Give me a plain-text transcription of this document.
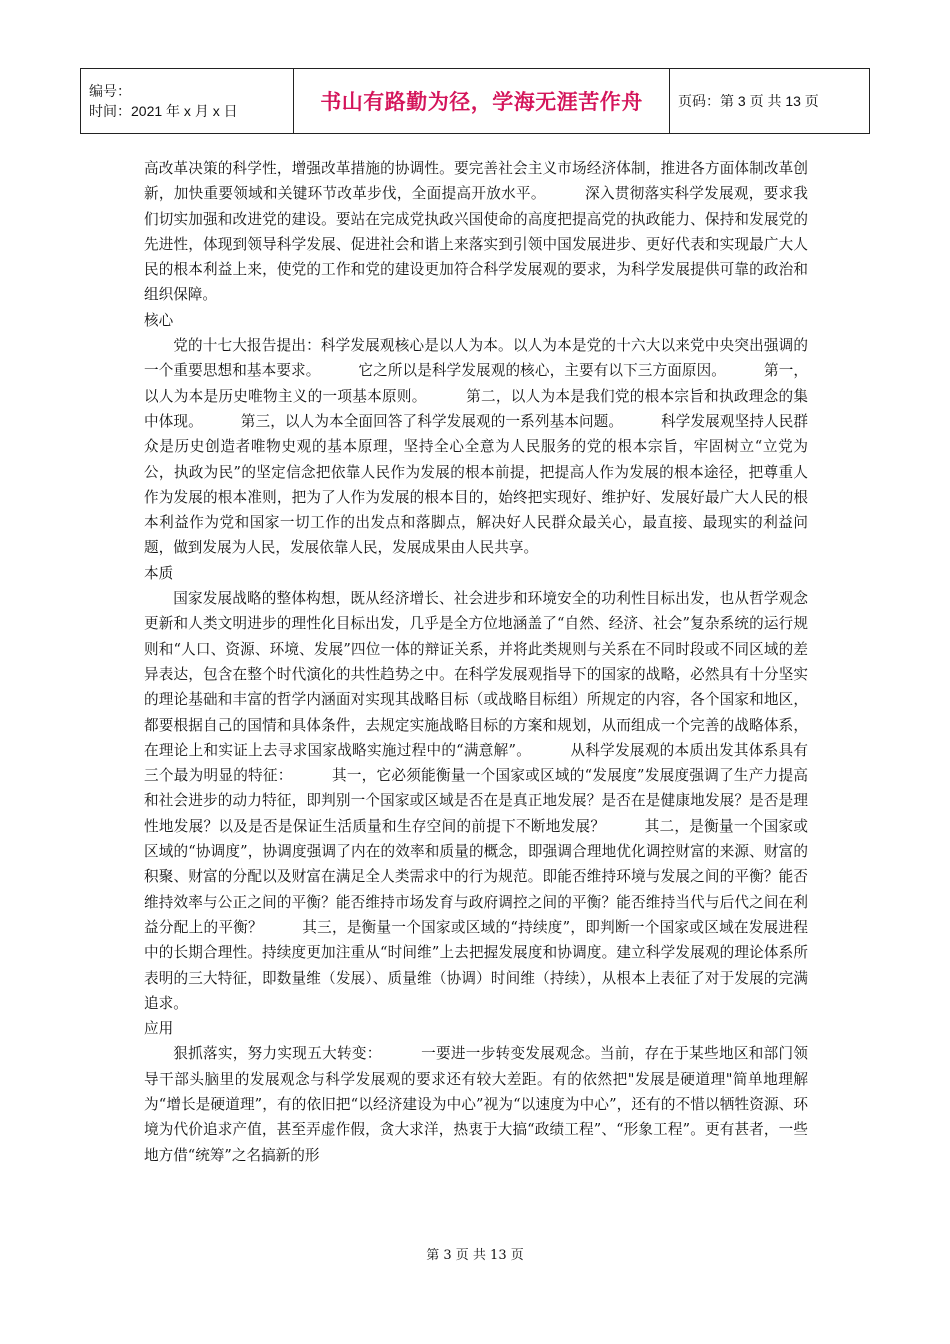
编号：
时间：2021 年 x 月 x 日	书山有路勤为径，学海无涯苦作舟	页码：第 3 页 共 13 页

高改革决策的科学性，增强改革措施的协调性。要完善社会主义市场经济体制，推进各方面体制改革创新，加快重要领域和关键环节改革步伐，全面提高开放水平。        深入贯彻落实科学发展观，要求我们切实加强和改进党的建设。要站在完成党执政兴国使命的高度把提高党的执政能力、保持和发展党的先进性，体现到领导科学发展、促进社会和谐上来落实到引领中国发展进步、更好代表和实现最广大人民的根本利益上来，使党的工作和党的建设更加符合科学发展观的要求，为科学发展提供可靠的政治和组织保障。

核心

党的十七大报告提出：科学发展观核心是以人为本。以人为本是党的十六大以来党中央突出强调的一个重要思想和基本要求。        它之所以是科学发展观的核心，主要有以下三方面原因。        第一，以人为本是历史唯物主义的一项基本原则。        第二，以人为本是我们党的根本宗旨和执政理念的集中体现。        第三，以人为本全面回答了科学发展观的一系列基本问题。        科学发展观坚持人民群众是历史创造者唯物史观的基本原理，坚持全心全意为人民服务的党的根本宗旨，牢固树立“立党为公，执政为民”的坚定信念把依靠人民作为发展的根本前提，把提高人作为发展的根本途径，把尊重人作为发展的根本准则，把为了人作为发展的根本目的，始终把实现好、维护好、发展好最广大人民的根本利益作为党和国家一切工作的出发点和落脚点，解决好人民群众最关心，最直接、最现实的利益问题，做到发展为人民，发展依靠人民，发展成果由人民共享。

本质

国家发展战略的整体构想，既从经济增长、社会进步和环境安全的功利性目标出发，也从哲学观念更新和人类文明进步的理性化目标出发，几乎是全方位地涵盖了“自然、经济、社会”复杂系统的运行规则和“人口、资源、环境、发展”四位一体的辩证关系，并将此类规则与关系在不同时段或不同区域的差异表达，包含在整个时代演化的共性趋势之中。在科学发展观指导下的国家的战略，必然具有十分坚实的理论基础和丰富的哲学内涵面对实现其战略目标（或战略目标组）所规定的内容，各个国家和地区，都要根据自己的国情和具体条件，去规定实施战略目标的方案和规划，从而组成一个完善的战略体系，在理论上和实证上去寻求国家战略实施过程中的“满意解”。        从科学发展观的本质出发其体系具有三个最为明显的特征：        其一，它必须能衡量一个国家或区域的“发展度”发展度强调了生产力提高和社会进步的动力特征，即判别一个国家或区域是否在是真正地发展？是否在是健康地发展？是否是理性地发展？以及是否是保证生活质量和生存空间的前提下不断地发展？        其二，是衡量一个国家或区域的“协调度”，协调度强调了内在的效率和质量的概念，即强调合理地优化调控财富的来源、财富的积聚、财富的分配以及财富在满足全人类需求中的行为规范。即能否维持环境与发展之间的平衡？能否维持效率与公正之间的平衡？能否维持市场发育与政府调控之间的平衡？能否维持当代与后代之间在利益分配上的平衡？        其三，是衡量一个国家或区域的“持续度”，即判断一个国家或区域在发展进程中的长期合理性。持续度更加注重从“时间维”上去把握发展度和协调度。建立科学发展观的理论体系所表明的三大特征，即数量维（发展）、质量维（协调）时间维（持续），从根本上表征了对于发展的完满追求。

应用

狠抓落实，努力实现五大转变：        一要进一步转变发展观念。当前，存在于某些地区和部门领导干部头脑里的发展观念与科学发展观的要求还有较大差距。有的依然把"发展是硬道理"简单地理解为“增长是硬道理”，有的依旧把“以经济建设为中心”视为“以速度为中心”，还有的不惜以牺牲资源、环境为代价追求产值，甚至弄虚作假，贪大求洋，热衷于大搞“政绩工程”、“形象工程”。更有甚者，一些地方借“统筹”之名搞新的形

第 3 页 共 13 页
